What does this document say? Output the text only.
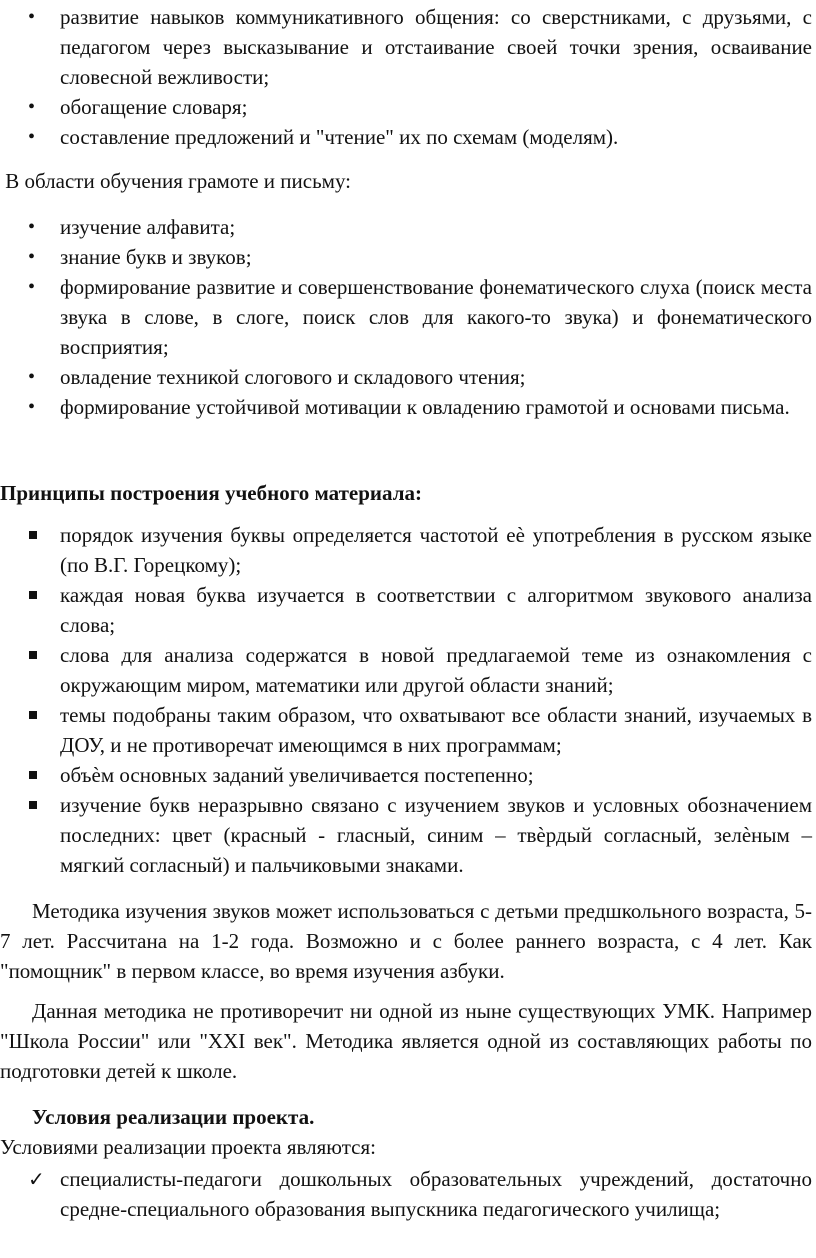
•	развитие навыков коммуникативного общения: со сверстниками, с друзьями, с педагогом через высказывание и отстаивание своей точки зрения, осваивание словесной вежливости;
•	обогащение словаря;
•	составление предложений и "чтение" их по схемам (моделям).

В области обучения грамоте и письму:

•	изучение алфавита;
•	знание букв и звуков;
•	формирование развитие и совершенствование фонематического слуха (поиск места звука в слове, в слоге, поиск слов для какого-то звука) и фонематического восприятия;
•	овладение техникой слогового и складового чтения;
•	формирование устойчивой мотивации к овладению грамотой и основами письма.

Принципы построения учебного материала:

порядок изучения буквы определяется частотой еѐ употребления в русском языке (по В.Г. Горецкому);
каждая новая буква изучается в соответствии с алгоритмом звукового анализа слова;
слова для анализа содержатся в новой предлагаемой теме из ознакомления с окружающим миром, математики или другой области знаний;
темы подобраны таким образом, что охватывают все области знаний, изучаемых в ДОУ, и не противоречат имеющимся в них программам;
объѐм основных заданий увеличивается постепенно;
изучение букв неразрывно связано с изучением звуков и условных обозначением последних: цвет (красный - гласный, синим – твѐрдый согласный, зелѐным – мягкий согласный) и пальчиковыми знаками.

Методика изучения звуков может использоваться с детьми предшкольного возраста, 5-7 лет. Рассчитана на 1-2 года. Возможно и с более раннего возраста, с 4 лет. Как "помощник" в первом классе, во время изучения азбуки.

Данная методика не противоречит ни одной из ныне существующих УМК. Например "Школа России" или "XXI век". Методика является одной из составляющих работы по подготовки детей к школе.

Условия реализации проекта.

Условиями реализации проекта являются:

✓ специалисты-педагоги дошкольных образовательных учреждений, достаточно средне-специального образования выпускника педагогического училища;
